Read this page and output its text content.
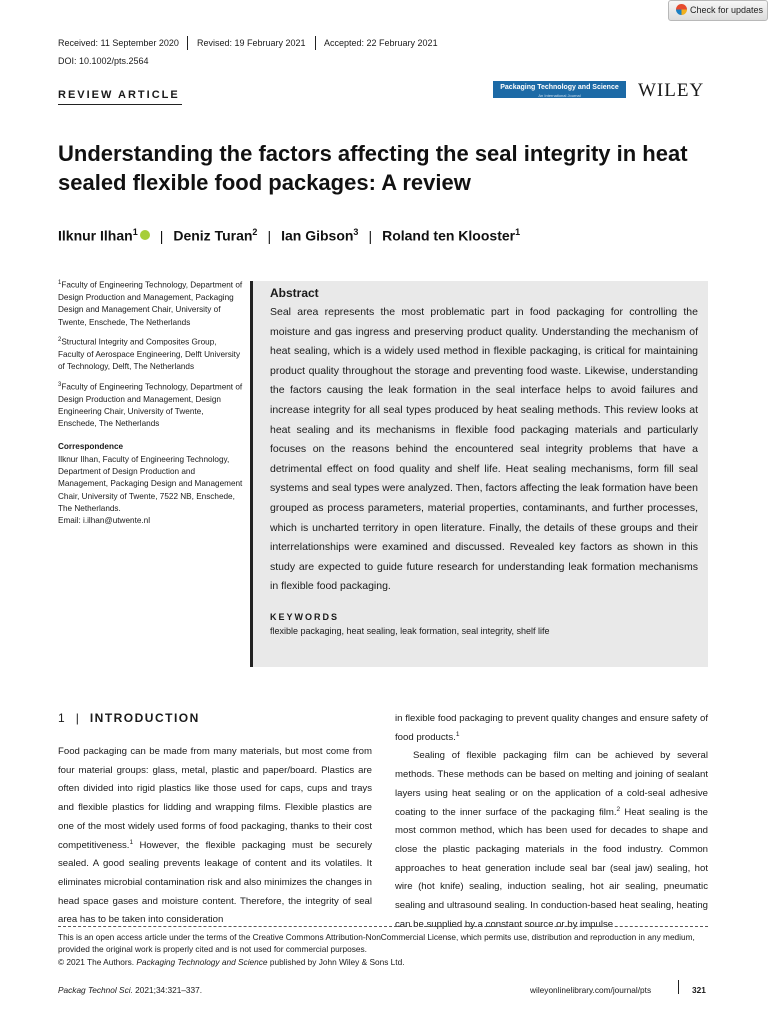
Check for updates
Received: 11 September 2020 Revised: 19 February 2021 Accepted: 22 February 2021
DOI: 10.1002/pts.2564
REVIEW ARTICLE
Packaging Technology and Science
An International Journal	WILEY
Understanding the factors affecting the seal integrity in heat sealed flexible food packages: A review
Ilknur Ilhan$^1$ | Deniz Turan$^2$ | Ian Gibson$^3$ | Roland ten Klooster$^1$
$^1$Faculty of Engineering Technology, Department of Design Production and Management, Packaging Design and Management Chair, University of Twente, Enschede, The Netherlands
$^2$Structural Integrity and Composites Group, Faculty of Aerospace Engineering, Delft University of Technology, Delft, The Netherlands
$^3$Faculty of Engineering Technology, Department of Design Production and Management, Design Engineering Chair, University of Twente, Enschede, The Netherlands
Correspondence
Ilknur Ilhan, Faculty of Engineering Technology, Department of Design Production and Management, Packaging Design and Management Chair, University of Twente, 7522 NB, Enschede, The Netherlands.
Email: i.ilhan@utwente.nl
Abstract
Seal area represents the most problematic part in food packaging for controlling the moisture and gas ingress and preserving product quality. Understanding the mechanism of heat sealing, which is a widely used method in flexible packaging, is critical for maintaining product quality throughout the storage and preventing food waste. Likewise, understanding the factors causing the leak formation in the seal interface helps to avoid failures and increase integrity for all seal types produced by heat sealing methods. This review looks at heat sealing and its mechanisms in flexible food packaging materials and particularly focuses on the reasons behind the encountered seal integrity problems that have a detrimental effect on food quality and shelf life. Heat sealing mechanisms, form fill seal systems and seal types were analyzed. Then, factors affecting the leak formation have been grouped as process parameters, material properties, contaminants, and further processes, which is uncharted territory in open literature. Finally, the details of these groups and their interrelationships were examined and discussed. Revealed key factors as shown in this study are expected to guide future research for understanding leak formation mechanisms in flexible food packaging.
KEYWORDS
flexible packaging, heat sealing, leak formation, seal integrity, shelf life
1 | INTRODUCTION

Food packaging can be made from many materials, but most come from four material groups: glass, metal, plastic and paper/board. Plastics are often divided into rigid plastics like those used for caps, cups and trays and flexible plastics for lidding and wrapping films. Flexible plastics are one of the most widely used forms of food packaging, thanks to their cost competitiveness.$^1$ However, the flexible packaging must be securely sealed. A good sealing prevents leakage of content and its volatiles. It eliminates microbial contamination risk and also minimizes the changes in head space gases and moisture content. Therefore, the integrity of seal area has to be taken into consideration

in flexible food packaging to prevent quality changes and ensure safety of food products.$^1$

Sealing of flexible packaging film can be achieved by several methods. These methods can be based on melting and joining of sealant layers using heat sealing or on the application of a cold-seal adhesive coating to the inner surface of the packaging film.$^2$ Heat sealing is the most common method, which has been used for decades to shape and close the plastic packaging materials in the food industry. Common approaches to heat generation include seal bar (seal jaw) sealing, hot wire (hot knife) sealing, induction sealing, hot air sealing, pneumatic sealing and ultrasound sealing. In conduction-based heat sealing, heating can be supplied by a constant source or by impulse

This is an open access article under the terms of the Creative Commons Attribution-NonCommercial License, which permits use, distribution and reproduction in any medium, provided the original work is properly cited and is not used for commercial purposes.
© 2021 The Authors. Packaging Technology and Science published by John Wiley & Sons Ltd.
Packag Technol Sci. 2021;34:321–337.	wileyonlinelibrary.com/journal/pts	321
